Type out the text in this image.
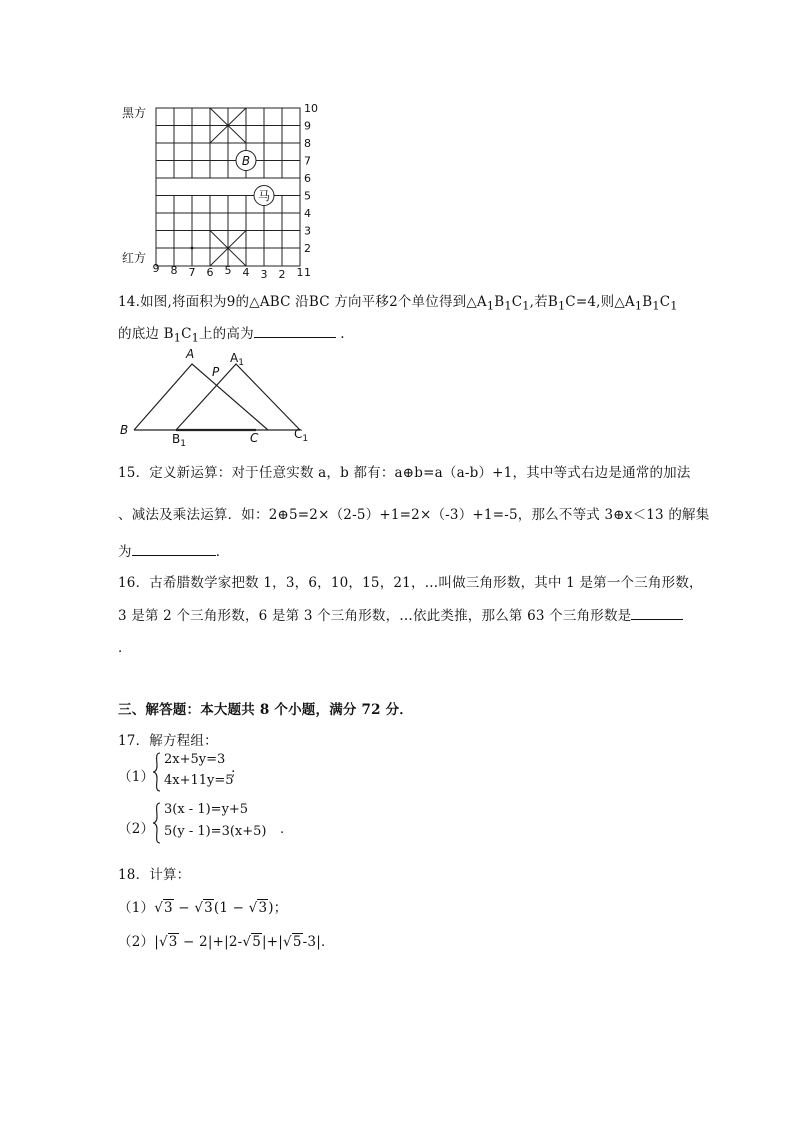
B
马
黑方
红方
10
9
8
7
6
5
4
3
2
1
9 8 7 6 5 4 3 2 1
14.如图,将面积为9的△ABC 沿BC 方向平移2个单位得到$\triangle A_1B_1C_1$,若$B_1C=4$,则$\triangle A_1B_1C_1$
的底边 $B_1C_1$上的高为	.
A	$A_1$
P
B
$B_1$	C	$C_1$
15．定义新运算：对于任意实数 a，b 都有：a⊕b=a（a-b）+1，其中等式右边是通常的加法
、减法及乘法运算．如：2⊕5=2×（2-5）+1=2×（-3）+1=-5，那么不等式 3⊕x＜13 的解集
为	．
16．古希腊数学家把数 1，3，6，10，15，21，…叫做三角形数，其中 1 是第一个三角形数，
3 是第 2 个三角形数，6 是第 3 个三角形数，…依此类推，那么第 63 个三角形数是
．
三、解答题：本大题共 8 个小题，满分 72 分．
17．解方程组：
（1）
2x+5y=3
4x+11y=5
;
（2）
3(x - 1)=y+5
5(y - 1)=3(x+5) .
18．计算：
（1）√3 − √3(1 − √3)；
（2）|√3 − 2|+|2-√5|+|√5-3|．
